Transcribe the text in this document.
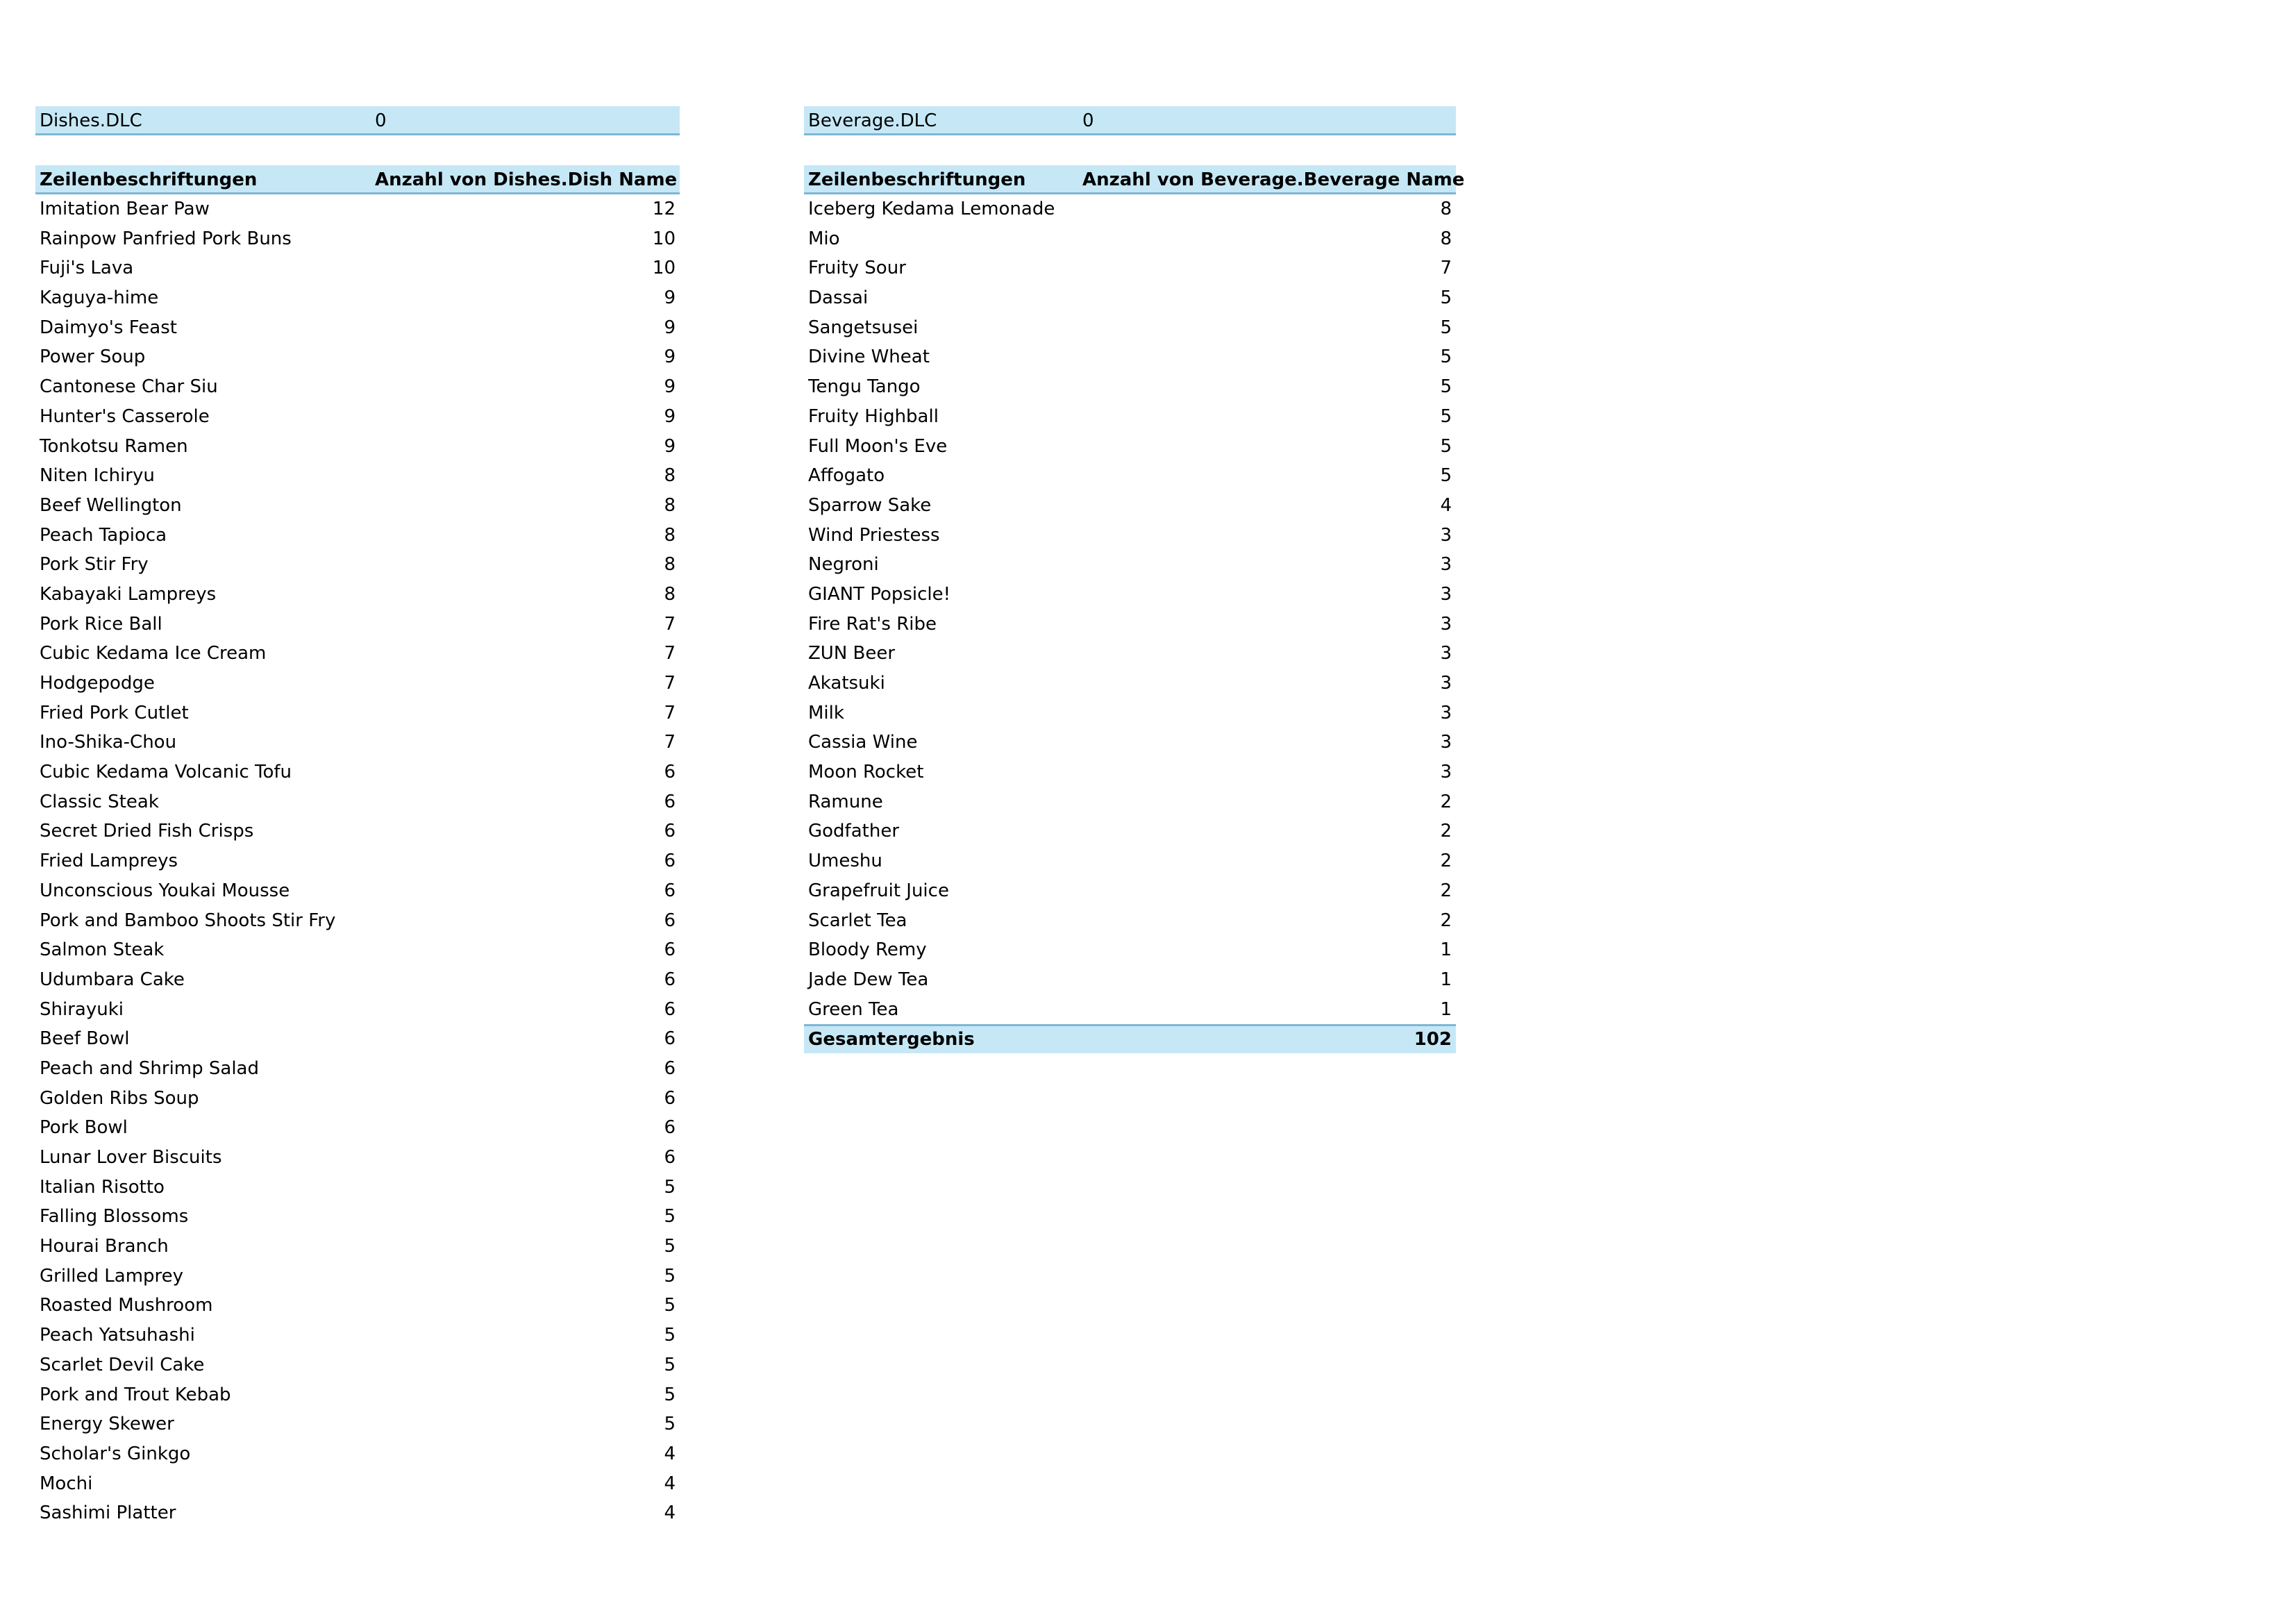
Dishes.DLC	0
Zeilenbeschriftungen	Anzahl von Dishes.Dish Name
Imitation Bear Paw	12
Rainpow Panfried Pork Buns	10
Fuji's Lava	10
Kaguya-hime	9
Daimyo's Feast	9
Power Soup	9
Cantonese Char Siu	9
Hunter's Casserole	9
Tonkotsu Ramen	9
Niten Ichiryu	8
Beef Wellington	8
Peach Tapioca	8
Pork Stir Fry	8
Kabayaki Lampreys	8
Pork Rice Ball	7
Cubic Kedama Ice Cream	7
Hodgepodge	7
Fried Pork Cutlet	7
Ino-Shika-Chou	7
Cubic Kedama Volcanic Tofu	6
Classic Steak	6
Secret Dried Fish Crisps	6
Fried Lampreys	6
Unconscious Youkai Mousse	6
Pork and Bamboo Shoots Stir Fry	6
Salmon Steak	6
Udumbara Cake	6
Shirayuki	6
Beef Bowl	6
Peach and Shrimp Salad	6
Golden Ribs Soup	6
Pork Bowl	6
Lunar Lover Biscuits	6
Italian Risotto	5
Falling Blossoms	5
Hourai Branch	5
Grilled Lamprey	5
Roasted Mushroom	5
Peach Yatsuhashi	5
Scarlet Devil Cake	5
Pork and Trout Kebab	5
Energy Skewer	5
Scholar's Ginkgo	4
Mochi	4
Sashimi Platter	4
Beverage.DLC	0
Zeilenbeschriftungen	Anzahl von Beverage.Beverage Name
Iceberg Kedama Lemonade	8
Mio	8
Fruity Sour	7
Dassai	5
Sangetsusei	5
Divine Wheat	5
Tengu Tango	5
Fruity Highball	5
Full Moon's Eve	5
Affogato	5
Sparrow Sake	4
Wind Priestess	3
Negroni	3
GIANT Popsicle!	3
Fire Rat's Ribe	3
ZUN Beer	3
Akatsuki	3
Milk	3
Cassia Wine	3
Moon Rocket	3
Ramune	2
Godfather	2
Umeshu	2
Grapefruit Juice	2
Scarlet Tea	2
Bloody Remy	1
Jade Dew Tea	1
Green Tea	1
Gesamtergebnis	102
